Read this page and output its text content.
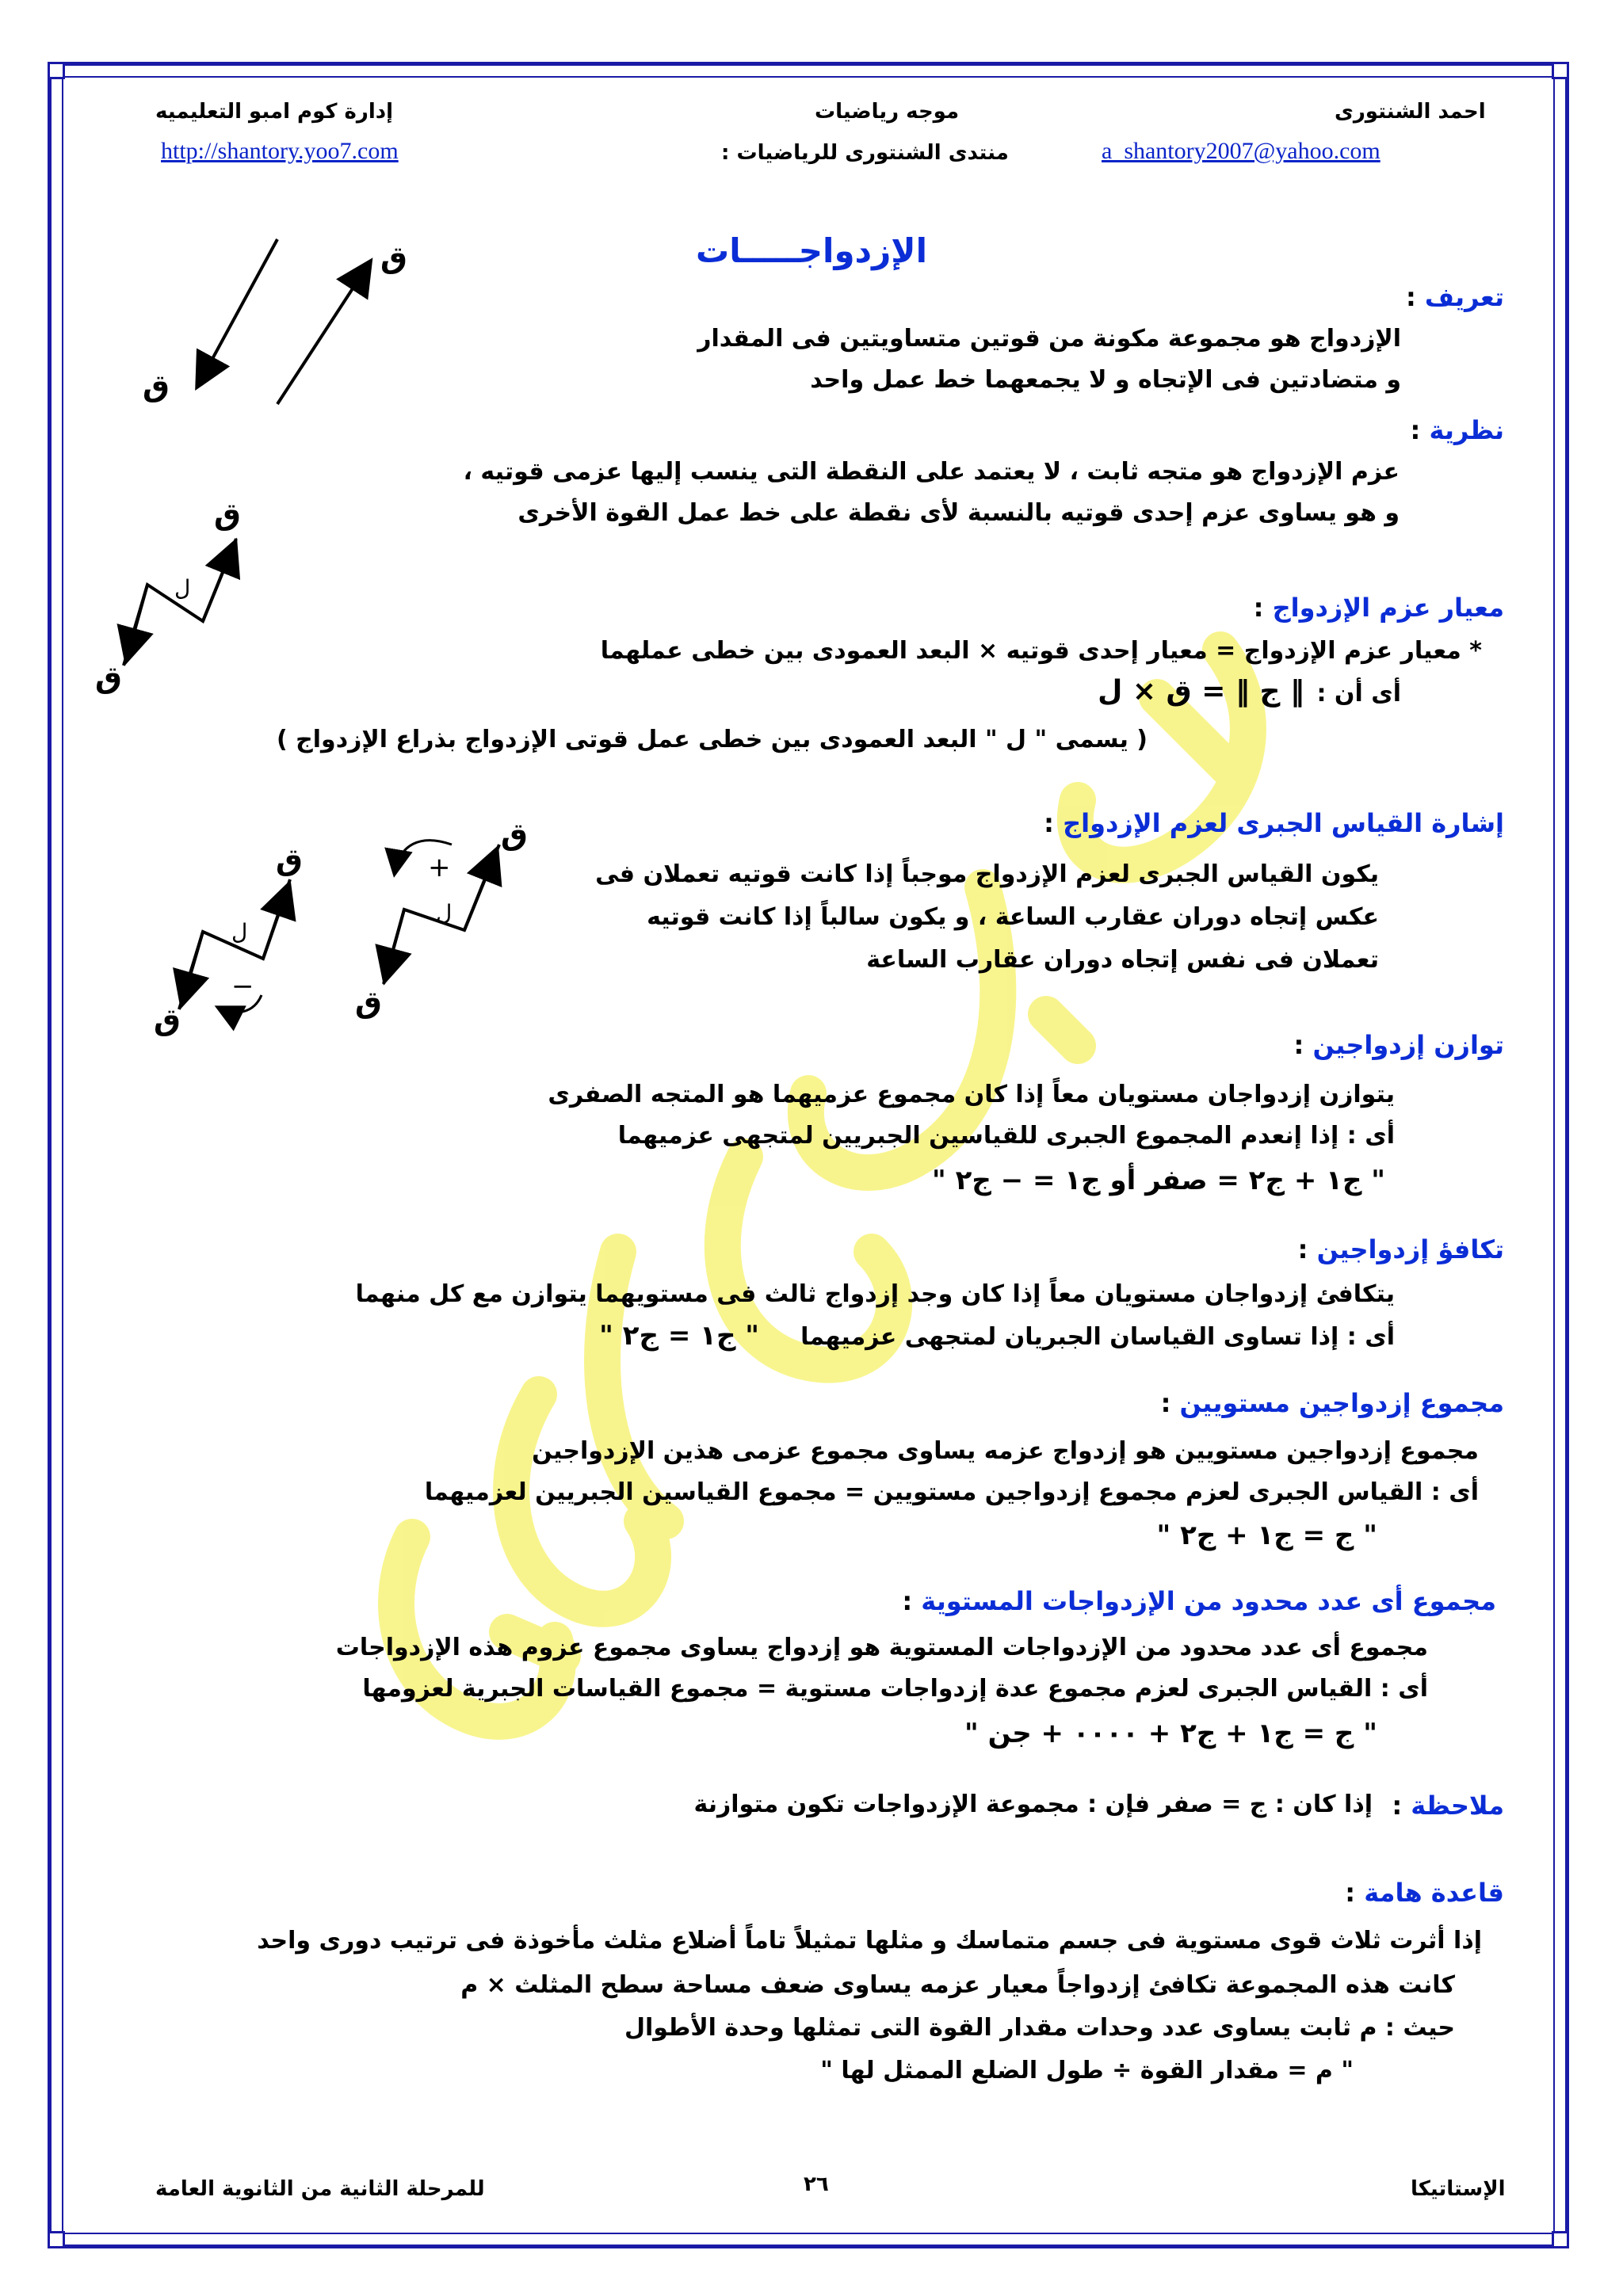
إدارة كوم امبو التعليميه	موجه رياضيات	احمد الشنتورى
http://shantory.yoo7.com	منتدى الشنتورى للرياضيات :	a_shantory2007@yahoo.com
الإزدواجـــــات
تعريف :
الإزدواج هو مجموعة مكونة من قوتين متساويتين فى المقدار
و متضادتين فى الإتجاه و لا يجمعهما خط عمل واحد
نظرية :
عزم الإزدواج هو متجه ثابت ، لا يعتمد على النقطة التى ينسب إليها عزمى قوتيه ،
و هو يساوى عزم إحدى قوتيه بالنسبة لأى نقطة على خط عمل القوة الأخرى
معيار عزم الإزدواج :
* معيار عزم الإزدواج = معيار إحدى قوتيه × البعد العمودى بين خطى عملهما
أى أن :
‖ ج ‖ = ق × ل
( يسمى " ل " البعد العمودى بين خطى عمل قوتى الإزدواج بذراع الإزدواج )
إشارة القياس الجبرى لعزم الإزدواج :
يكون القياس الجبرى لعزم الإزدواج موجباً إذا كانت قوتيه تعملان فى
عكس إتجاه دوران عقارب الساعة ، و يكون سالباً إذا كانت قوتيه
تعملان فى نفس إتجاه دوران عقارب الساعة
توازن إزدواجين :
يتوازن إزدواجان مستويان معاً إذا كان مجموع عزميهما هو المتجه الصفرى
أى : إذا إنعدم المجموع الجبرى للقياسين الجبريين لمتجهى عزميهما
" ج١ + ج٢ = صفر أو ج١ = − ج٢ "
تكافؤ إزدواجين :
يتكافئ إزدواجان مستويان معاً إذا كان وجد إزدواج ثالث فى مستويهما يتوازن مع كل منهما
أى : إذا تساوى القياسان الجبريان لمتجهى عزميهما
" ج١ = ج٢ "
مجموع إزدواجين مستويين :
مجموع إزدواجين مستويين هو إزدواج عزمه يساوى مجموع عزمى هذين الإزدواجين
أى : القياس الجبرى لعزم مجموع إزدواجين مستويين = مجموع القياسين الجبريين لعزميهما
" ج = ج١ + ج٢ "
مجموع أى عدد محدود من الإزدواجات المستوية :
مجموع أى عدد محدود من الإزدواجات المستوية هو إزدواج يساوى مجموع عزوم هذه الإزدواجات
أى : القياس الجبرى لعزم مجموع عدة إزدواجات مستوية = مجموع القياسات الجبرية لعزومها
" ج = ج١ + ج٢ + ٠٠٠٠ + جن "
ملاحظة :
إذا كان : ج = صفر فإن : مجموعة الإزدواجات تكون متوازنة
قاعدة هامة :
إذا أثرت ثلاث قوى مستوية فى جسم متماسك و مثلها تمثيلاً تاماً أضلاع مثلث مأخوذة فى ترتيب دورى واحد
كانت هذه المجموعة تكافئ إزدواجاً معيار عزمه يساوى ضعف مساحة سطح المثلث × م
حيث : م ثابت يساوى عدد وحدات مقدار القوة التى تمثلها وحدة الأطوال
" م = مقدار القوة ÷ طول الضلع الممثل لها "
للمرحلة الثانية من الثانوية العامة	٢٦	الإستاتيكا
ق
ق
ل
ق
ق
+
ل
ق
ق
−
ل
ق
ق
